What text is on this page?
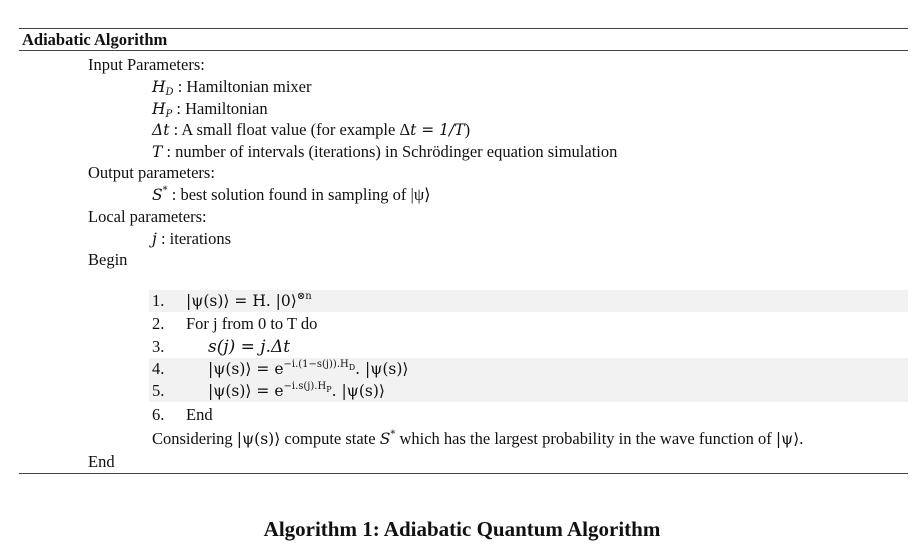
Adiabatic Algorithm
Input Parameters:
$H_D$ : Hamiltonian mixer
$H_P$ : Hamiltonian
Δt : A small float value (for example Δt = 1/T)
T : number of intervals (iterations) in Schrödinger equation simulation
Output parameters:
S* : best solution found in sampling of |ψ⟩
Local parameters:
j : iterations
Begin
1. |ψ(s)⟩ = H. |0⟩$^{\otimes n}$
2. For j from 0 to T do
3.	s(j) = j.Δt
4.	|ψ(s)⟩ = $e^{-i.(1-s(j)).H_D}$. |ψ(s)⟩
5.	|ψ(s)⟩ = $e^{-i.s(j).H_P}$. |ψ(s)⟩
6. End
Considering |ψ(s)⟩ compute state S* which has the largest probability in the wave function of |ψ⟩.
End
Algorithm 1: Adiabatic Quantum Algorithm
